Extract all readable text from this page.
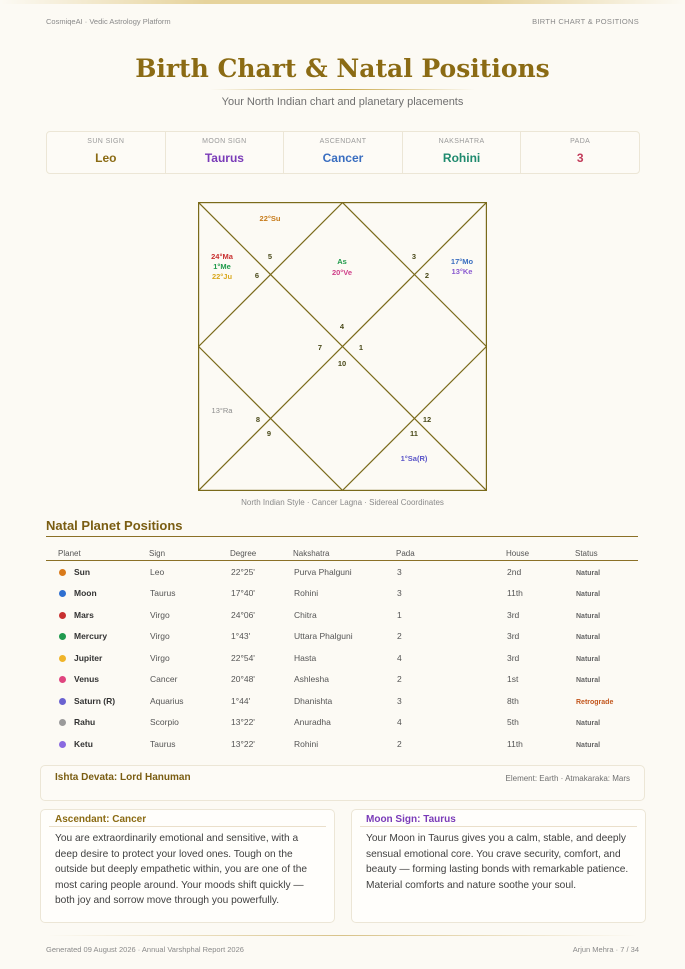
CosmiqeAI · Vedic Astrology Platform	BIRTH CHART & POSITIONS
Birth Chart & Natal Positions
Your North Indian chart and planetary placements
SUN SIGN
Leo
MOON SIGN
Taurus
ASCENDANT
Cancer
NAKSHATRA
Rohini
PADA
3
4
5
6
3
2
7	1
10
8
9
12
11
22°Su
24°Ma
1°Me
22°Ju
As
20°Ve
17°Mo
13°Ke
13°Ra
1°Sa(R)
North Indian Style · Cancer Lagna · Sidereal Coordinates
Natal Planet Positions
Planet	Sign	Degree	Nakshatra	Pada	House	Status
Sun	Leo	22°25'	Purva Phalguni	3	2nd	Natural
Moon	Taurus	17°40'	Rohini	3	11th	Natural
Mars	Virgo	24°06'	Chitra	1	3rd	Natural
Mercury	Virgo	1°43'	Uttara Phalguni	2	3rd	Natural
Jupiter	Virgo	22°54'	Hasta	4	3rd	Natural
Venus	Cancer	20°48'	Ashlesha	2	1st	Natural
Saturn (R)	Aquarius	1°44'	Dhanishta	3	8th	Retrograde
Rahu	Scorpio	13°22'	Anuradha	4	5th	Natural
Ketu	Taurus	13°22'	Rohini	2	11th	Natural
Ishta Devata: Lord Hanuman	Element: Earth · Atmakaraka: Mars
Ascendant: Cancer
You are extraordinarily emotional and sensitive, with a deep desire to protect your loved ones. Tough on the outside but deeply empathetic within, you are one of the most caring people around. Your moods shift quickly — both joy and sorrow move through you powerfully.
Moon Sign: Taurus
Your Moon in Taurus gives you a calm, stable, and deeply sensual emotional core. You crave security, comfort, and beauty — forming lasting bonds with remarkable patience. Material comforts and nature soothe your soul.
Generated 09 August 2026 · Annual Varshphal Report 2026	Arjun Mehra · 7 / 34
